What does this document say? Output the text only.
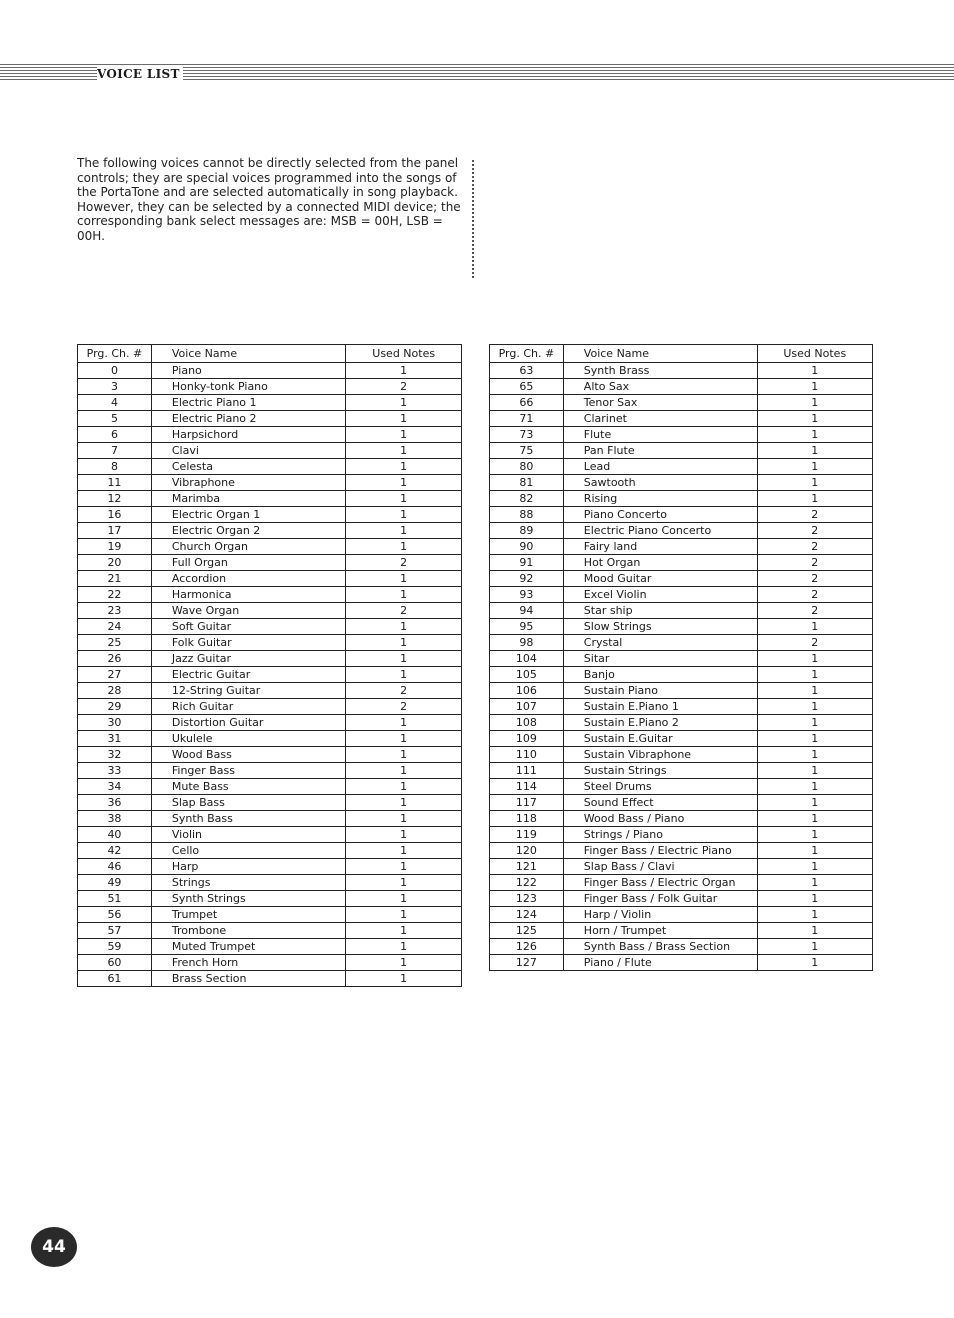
VOICE LIST

The following voices cannot be directly selected from the panel controls; they are special voices programmed into the songs of the PortaTone and are selected automatically in song playback. However, they can be selected by a connected MIDI device; the corresponding bank select messages are: MSB = 00H, LSB = 00H.

Prg. Ch. #	Voice Name	Used Notes
0	Piano	1
3	Honky-tonk Piano	2
4	Electric Piano 1	1
5	Electric Piano 2	1
6	Harpsichord	1
7	Clavi	1
8	Celesta	1
11	Vibraphone	1
12	Marimba	1
16	Electric Organ 1	1
17	Electric Organ 2	1
19	Church Organ	1
20	Full Organ	2
21	Accordion	1
22	Harmonica	1
23	Wave Organ	2
24	Soft Guitar	1
25	Folk Guitar	1
26	Jazz Guitar	1
27	Electric Guitar	1
28	12-String Guitar	2
29	Rich Guitar	2
30	Distortion Guitar	1
31	Ukulele	1
32	Wood Bass	1
33	Finger Bass	1
34	Mute Bass	1
36	Slap Bass	1
38	Synth Bass	1
40	Violin	1
42	Cello	1
46	Harp	1
49	Strings	1
51	Synth Strings	1
56	Trumpet	1
57	Trombone	1
59	Muted Trumpet	1
60	French Horn	1
61	Brass Section	1
Prg. Ch. #	Voice Name	Used Notes
63	Synth Brass	1
65	Alto Sax	1
66	Tenor Sax	1
71	Clarinet	1
73	Flute	1
75	Pan Flute	1
80	Lead	1
81	Sawtooth	1
82	Rising	1
88	Piano Concerto	2
89	Electric Piano Concerto	2
90	Fairy land	2
91	Hot Organ	2
92	Mood Guitar	2
93	Excel Violin	2
94	Star ship	2
95	Slow Strings	1
98	Crystal	2
104	Sitar	1
105	Banjo	1
106	Sustain Piano	1
107	Sustain E.Piano 1	1
108	Sustain E.Piano 2	1
109	Sustain E.Guitar	1
110	Sustain Vibraphone	1
111	Sustain Strings	1
114	Steel Drums	1
117	Sound Effect	1
118	Wood Bass / Piano	1
119	Strings / Piano	1
120	Finger Bass / Electric Piano	1
121	Slap Bass / Clavi	1
122	Finger Bass / Electric Organ	1
123	Finger Bass / Folk Guitar	1
124	Harp / Violin	1
125	Horn / Trumpet	1
126	Synth Bass / Brass Section	1
127	Piano / Flute	1
44
